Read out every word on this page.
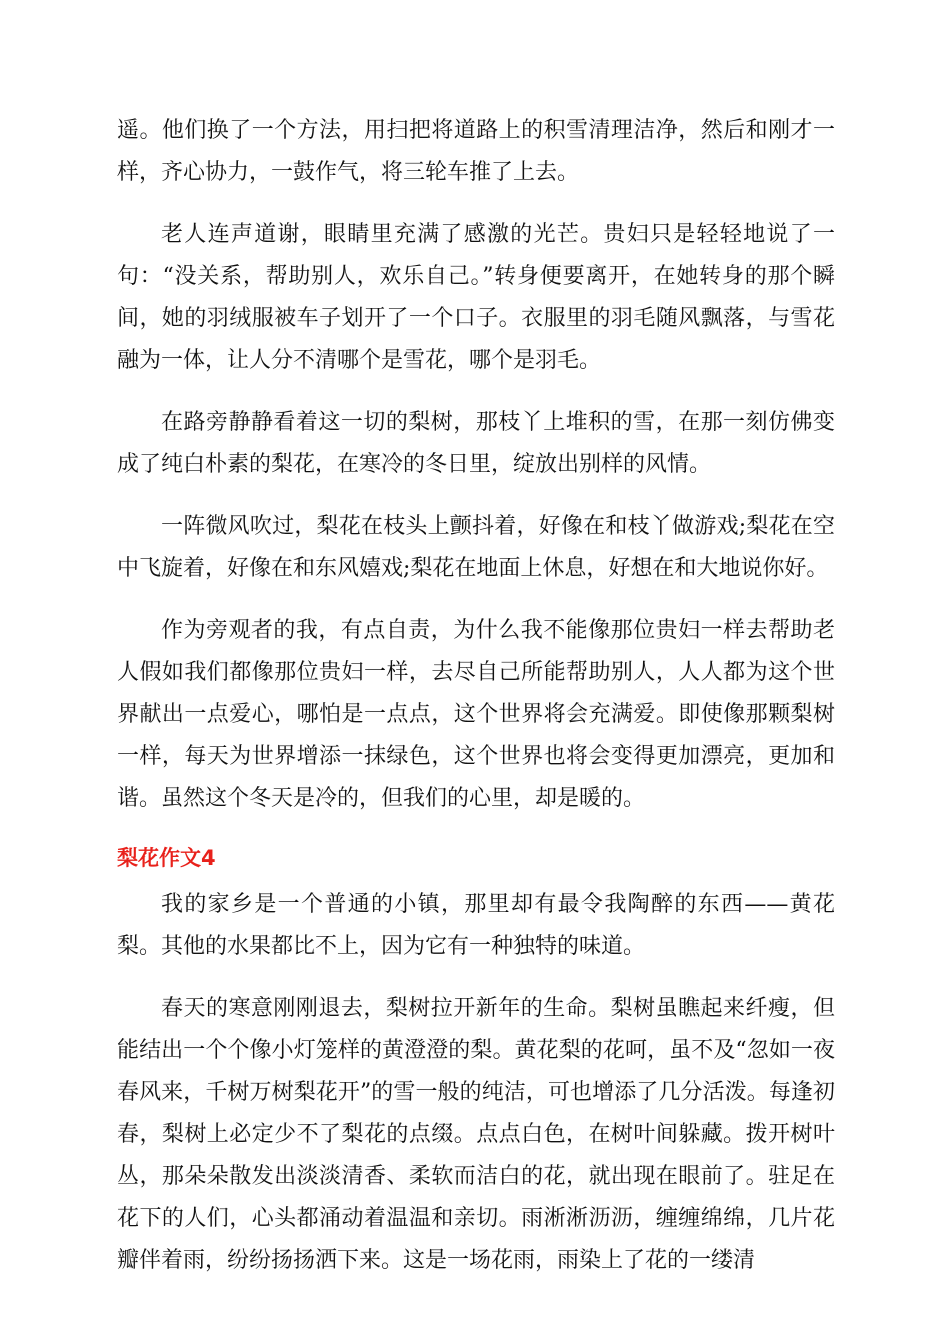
遥。他们换了一个方法，用扫把将道路上的积雪清理洁净，然后和刚才一样，齐心协力，一鼓作气，将三轮车推了上去。

老人连声道谢，眼睛里充满了感激的光芒。贵妇只是轻轻地说了一句：“没关系，帮助别人，欢乐自己。”转身便要离开，在她转身的那个瞬间，她的羽绒服被车子划开了一个口子。衣服里的羽毛随风飘落，与雪花融为一体，让人分不清哪个是雪花，哪个是羽毛。

在路旁静静看着这一切的梨树，那枝丫上堆积的雪，在那一刻仿佛变成了纯白朴素的梨花，在寒冷的冬日里，绽放出别样的风情。

一阵微风吹过，梨花在枝头上颤抖着，好像在和枝丫做游戏;梨花在空中飞旋着，好像在和东风嬉戏;梨花在地面上休息，好想在和大地说你好。

作为旁观者的我，有点自责，为什么我不能像那位贵妇一样去帮助老人假如我们都像那位贵妇一样，去尽自己所能帮助别人，人人都为这个世界献出一点爱心，哪怕是一点点，这个世界将会充满爱。即使像那颗梨树一样，每天为世界增添一抹绿色，这个世界也将会变得更加漂亮，更加和谐。虽然这个冬天是冷的，但我们的心里，却是暖的。

梨花作文4

我的家乡是一个普通的小镇，那里却有最令我陶醉的东西——黄花梨。其他的水果都比不上，因为它有一种独特的味道。

春天的寒意刚刚退去，梨树拉开新年的生命。梨树虽瞧起来纤瘦，但能结出一个个像小灯笼样的黄澄澄的梨。黄花梨的花呵，虽不及“忽如一夜春风来，千树万树梨花开”的雪一般的纯洁，可也增添了几分活泼。每逢初春，梨树上必定少不了梨花的点缀。点点白色，在树叶间躲藏。拨开树叶丛，那朵朵散发出淡淡清香、柔软而洁白的花，就出现在眼前了。驻足在花下的人们，心头都涌动着温温和亲切。雨淅淅沥沥，缠缠绵绵，几片花瓣伴着雨，纷纷扬扬洒下来。这是一场花雨，雨染上了花的一缕清
